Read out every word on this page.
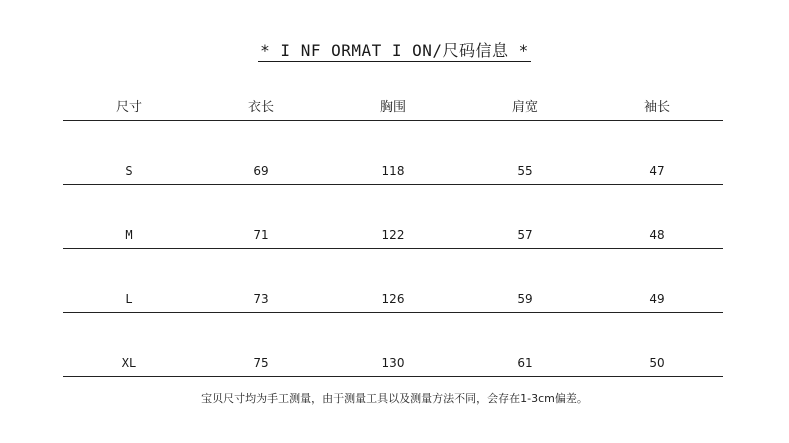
* I NF ORMAT I ON/尺码信息 *
尺寸	衣长	胸围	肩宽	袖长
S	69	118	55	47
M	71	122	57	48
L	73	126	59	49
XL	75	130	61	50
宝贝尺寸均为手工测量，由于测量工具以及测量方法不同，会存在1-3cm偏差。
